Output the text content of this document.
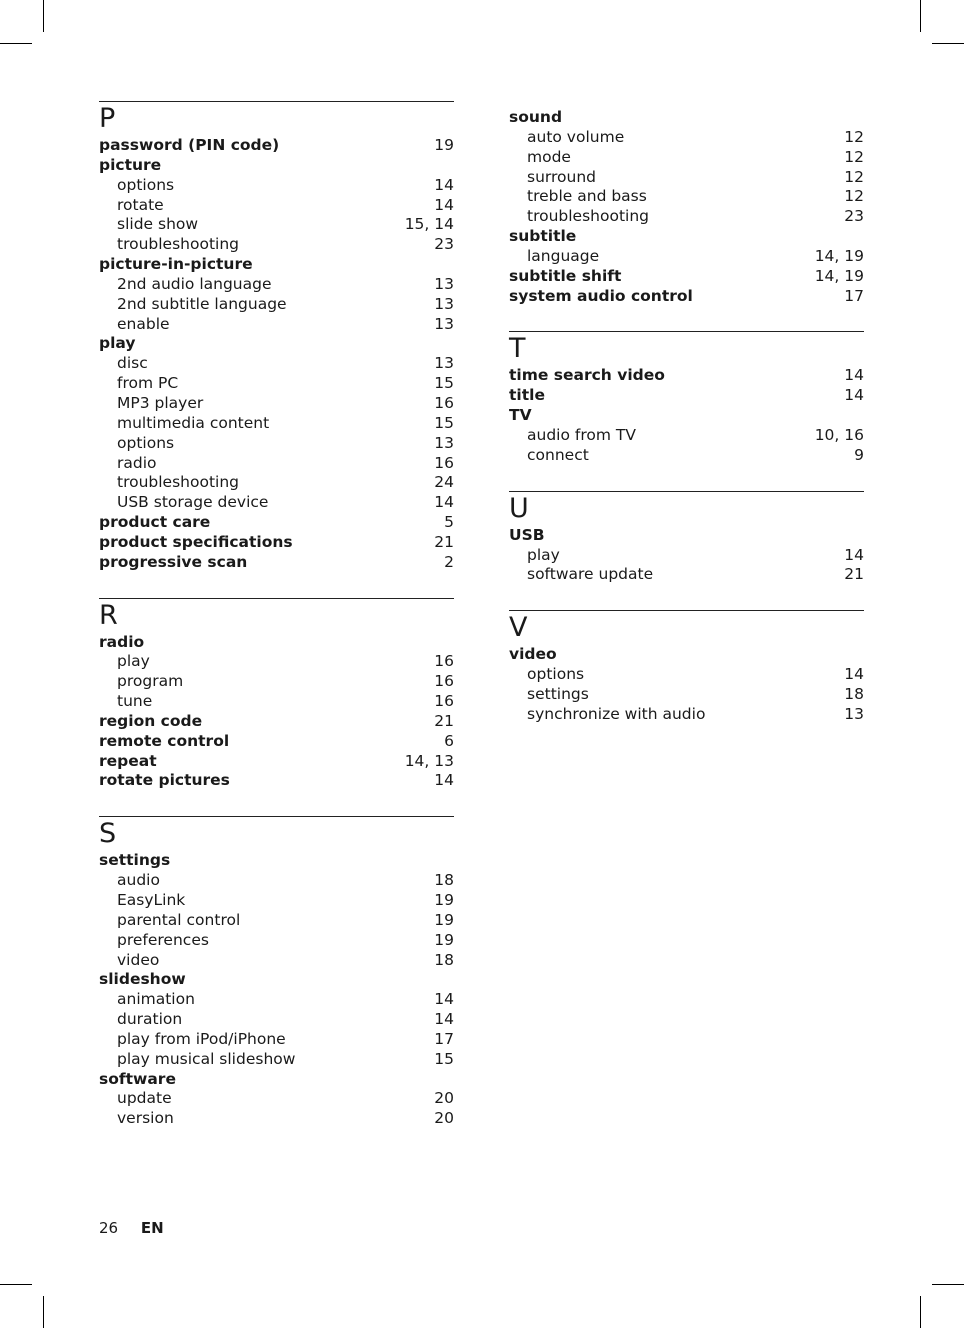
P
password (PIN code)	19
picture
options	14
rotate	14
slide show	15, 14
troubleshooting	23
picture-in-picture
2nd audio language	13
2nd subtitle language	13
enable	13
play
disc	13
from PC	15
MP3 player	16
multimedia content	15
options	13
radio	16
troubleshooting	24
USB storage device	14
product care	5
product specifications	21
progressive scan	2
R
radio
play	16
program	16
tune	16
region code	21
remote control	6
repeat	14, 13
rotate pictures	14
S
settings
audio	18
EasyLink	19
parental control	19
preferences	19
video	18
slideshow
animation	14
duration	14
play from iPod/iPhone	17
play musical slideshow	15
software
update	20
version	20
sound
auto volume	12
mode	12
surround	12
treble and bass	12
troubleshooting	23
subtitle
language	14, 19
subtitle shift	14, 19
system audio control	17
T
time search video	14
title	14
TV
audio from TV	10, 16
connect	9
U
USB
play	14
software update	21
V
video
options	14
settings	18
synchronize with audio	13
26 EN
